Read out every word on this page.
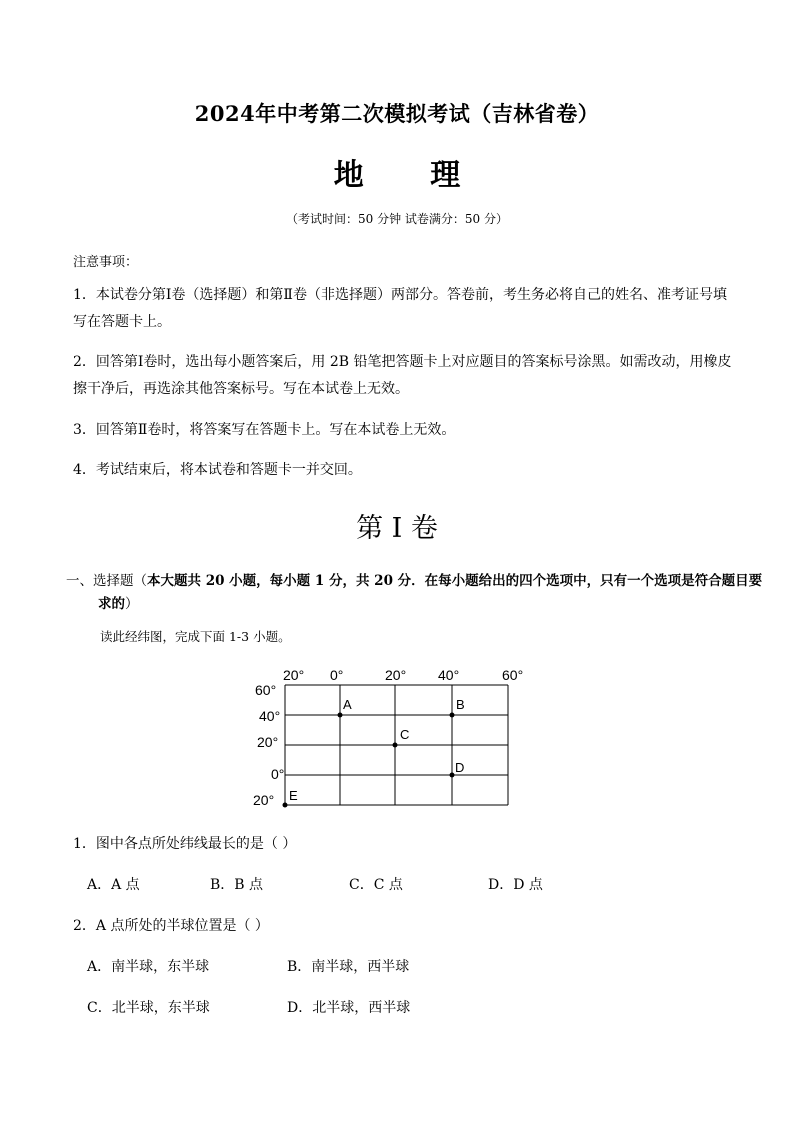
2024年中考第二次模拟考试（吉林省卷）
地 理
（考试时间：50 分钟 试卷满分：50 分）
注意事项：
1．本试卷分第Ⅰ卷（选择题）和第Ⅱ卷（非选择题）两部分。答卷前，考生务必将自己的姓名、准考证号填写在答题卡上。
2．回答第Ⅰ卷时，选出每小题答案后，用 2B 铅笔把答题卡上对应题目的答案标号涂黑。如需改动，用橡皮擦干净后，再选涂其他答案标号。写在本试卷上无效。
3．回答第Ⅱ卷时，将答案写在答题卡上。写在本试卷上无效。
4．考试结束后，将本试卷和答题卡一并交回。
第 I 卷
一、选择题（本大题共 20 小题，每小题 1 分，共 20 分．在每小题给出的四个选项中，只有一个选项是符合题目要求的）
读此经纬图，完成下面 1-3 小题。
20° 0°	20° 40°	60°
60°
40°
20°
0°
20°
A	B
C
D
E
1．图中各点所处纬线最长的是（ ）
A．A 点	B．B 点	C．C 点	D．D 点
2．A 点所处的半球位置是（ ）
A．南半球，东半球	B．南半球，西半球
C．北半球，东半球	D．北半球，西半球
